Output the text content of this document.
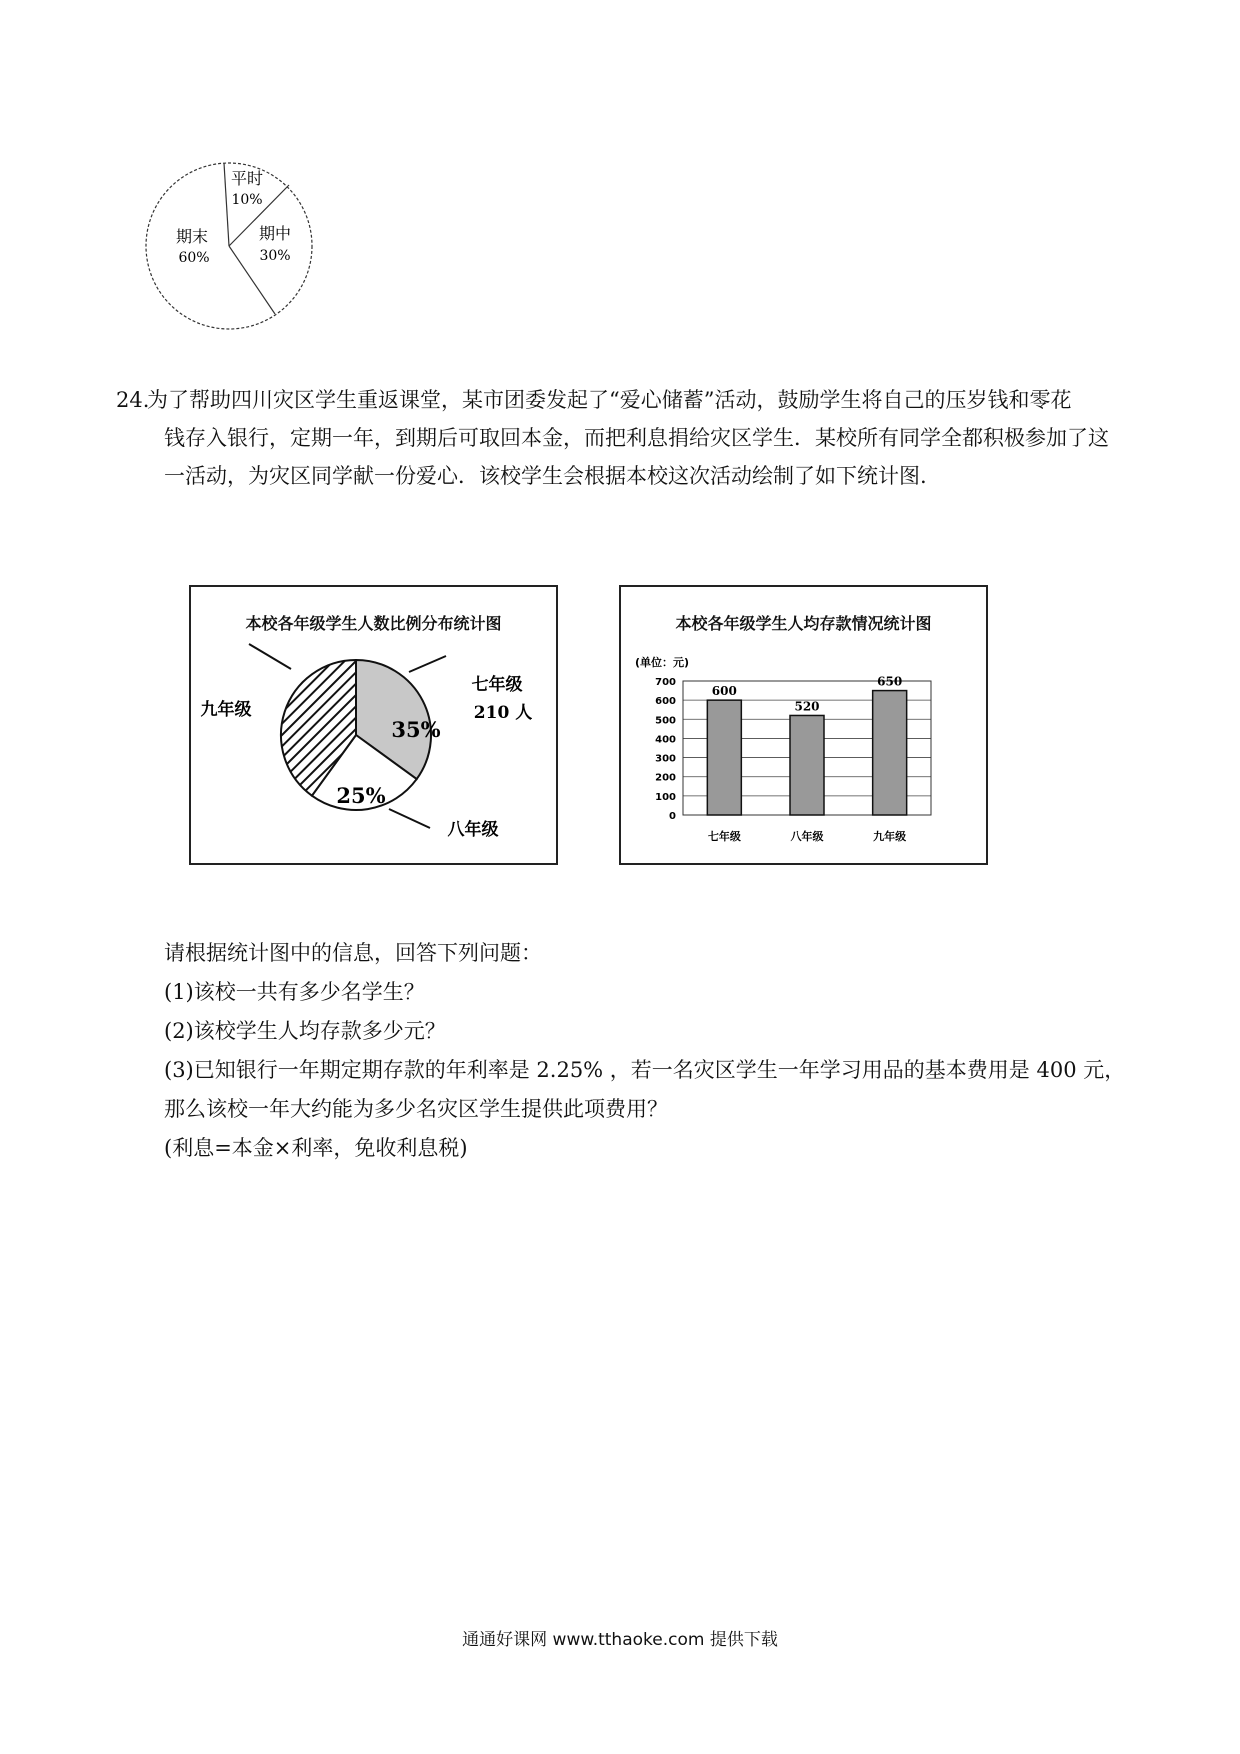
平时
10%
期中
30%
期末
60%
24.
为了帮助四川灾区学生重返课堂，某市团委发起了“爱心储蓄”活动，鼓励学生将自己的压岁钱和零花
钱存入银行，定期一年，到期后可取回本金，而把利息捐给灾区学生．某校所有同学全都积极参加了这
一活动，为灾区同学献一份爱心．该校学生会根据本校这次活动绘制了如下统计图.
本校各年级学生人数比例分布统计图
七年级
210 人
35%
九年级
25%
八年级
本校各年级学生人均存款情况统计图
(单位：元)
0
100
200
300
400
500
600
700
600
七年级
520
八年级
650
九年级
请根据统计图中的信息，回答下列问题：
(1)该校一共有多少名学生？
(2)该校学生人均存款多少元？
(3)已知银行一年期定期存款的年利率是 2.25% ，若一名灾区学生一年学习用品的基本费用是 400 元，
那么该校一年大约能为多少名灾区学生提供此项费用？
(利息=本金×利率，免收利息税)
通通好课网 www.tthaoke.com 提供下载
